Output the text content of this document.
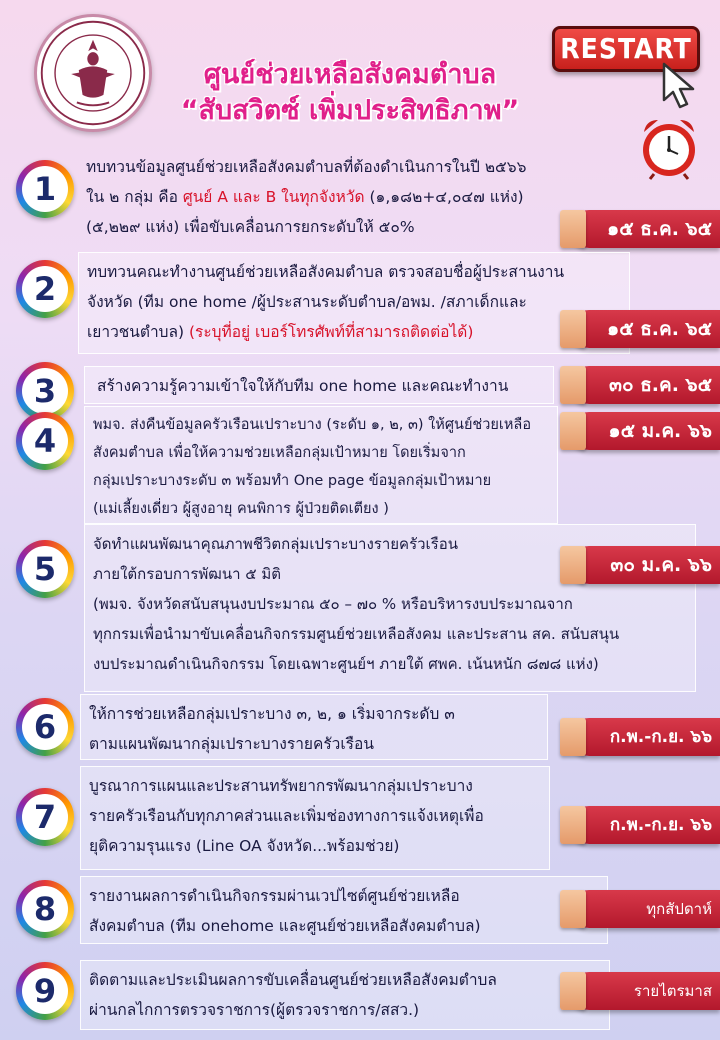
ศูนย์ช่วยเหลือสังคมตำบล
“สับสวิตซ์ เพิ่มประสิทธิภาพ”
RESTART
1
ทบทวนข้อมูลศูนย์ช่วยเหลือสังคมตำบลที่ต้องดำเนินการในปี ๒๕๖๖
ใน ๒ กลุ่ม คือ ศูนย์ A และ B ในทุกจังหวัด (๑,๑๘๒+๔,๐๔๗ แห่ง)
(๕,๒๒๙ แห่ง) เพื่อขับเคลื่อนการยกระดับให้ ๕๐%	๑๕ ธ.ค. ๖๕
2	ทบทวนคณะทำงานศูนย์ช่วยเหลือสังคมตำบล ตรวจสอบชื่อผู้ประสานงาน
จังหวัด (ทีม one home /ผู้ประสานระดับตำบล/อพม. /สภาเด็กและ
เยาวชนตำบล) (ระบุที่อยู่ เบอร์โทรศัพท์ที่สามารถติดต่อได้)	๑๕ ธ.ค. ๖๕
3	สร้างความรู้ความเข้าใจให้กับทีม one home และคณะทำงาน	๓๐ ธ.ค. ๖๕
4	พมจ. ส่งคืนข้อมูลครัวเรือนเปราะบาง (ระดับ ๑, ๒, ๓) ให้ศูนย์ช่วยเหลือ
สังคมตำบล เพื่อให้ความช่วยเหลือกลุ่มเป้าหมาย โดยเริ่มจาก
กลุ่มเปราะบางระดับ ๓ พร้อมทำ One page ข้อมูลกลุ่มเป้าหมาย
(แม่เลี้ยงเดี่ยว ผู้สูงอายุ คนพิการ ผู้ป่วยติดเตียง )
๑๕ ม.ค. ๖๖
5
จัดทำแผนพัฒนาคุณภาพชีวิตกลุ่มเปราะบางรายครัวเรือน
ภายใต้กรอบการพัฒนา ๕ มิติ
(พมจ. จังหวัดสนับสนุนงบประมาณ ๕๐ – ๗๐ % หรือบริหารงบประมาณจาก
ทุกกรมเพื่อนำมาขับเคลื่อนกิจกรรมศูนย์ช่วยเหลือสังคม และประสาน สค. สนับสนุน
งบประมาณดำเนินกิจกรรม โดยเฉพาะศูนย์ฯ ภายใต้ ศพค. เน้นหนัก ๘๗๘ แห่ง)
๓๐ ม.ค. ๖๖
6	ให้การช่วยเหลือกลุ่มเปราะบาง ๓, ๒, ๑ เริ่มจากระดับ ๓
ตามแผนพัฒนากลุ่มเปราะบางรายครัวเรือน	ก.พ.-ก.ย. ๖๖
7
บูรณาการแผนและประสานทรัพยากรพัฒนากลุ่มเปราะบาง
รายครัวเรือนกับทุกภาคส่วนและเพิ่มช่องทางการแจ้งเหตุเพื่อ
ยุติความรุนแรง (Line OA จังหวัด...พร้อมช่วย)
ก.พ.-ก.ย. ๖๖
8	รายงานผลการดำเนินกิจกรรมผ่านเวปไซต์ศูนย์ช่วยเหลือ
สังคมตำบล (ทีม onehome และศูนย์ช่วยเหลือสังคมตำบล)
ทุกสัปดาห์
9	ติดตามและประเมินผลการขับเคลื่อนศูนย์ช่วยเหลือสังคมตำบล
ผ่านกลไกการตรวจราชการ(ผู้ตรวจราชการ/สสว.)
รายไตรมาส
